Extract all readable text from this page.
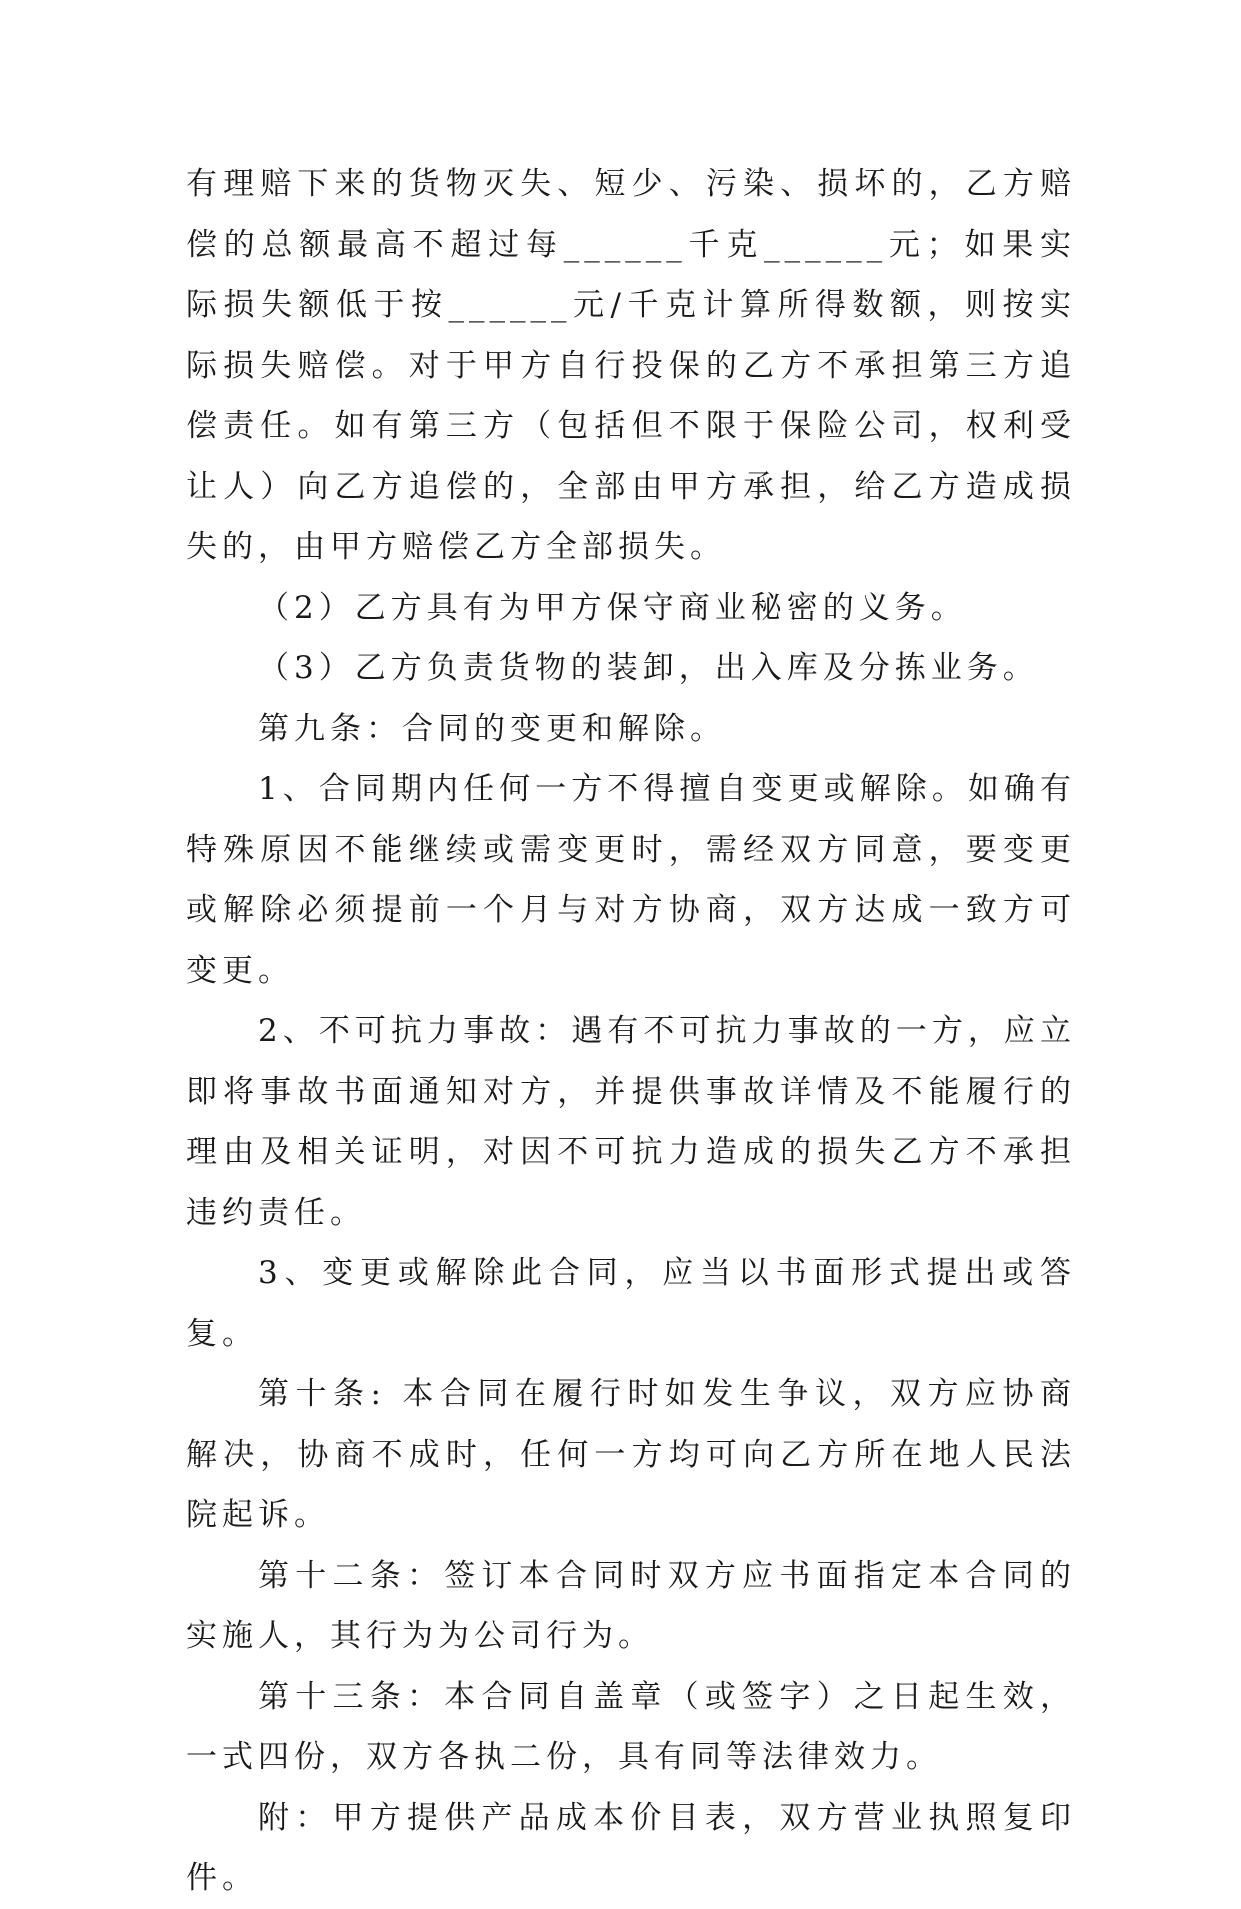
有理赔下来的货物灭失、短少、污染、损坏的，乙方赔偿的总额最高不超过每______千克______元；如果实际损失额低于按______元/千克计算所得数额，则按实际损失赔偿。对于甲方自行投保的乙方不承担第三方追偿责任。如有第三方（包括但不限于保险公司，权利受让人）向乙方追偿的，全部由甲方承担，给乙方造成损失的，由甲方赔偿乙方全部损失。

（2）乙方具有为甲方保守商业秘密的义务。

（3）乙方负责货物的装卸，出入库及分拣业务。

第九条：合同的变更和解除。

1、合同期内任何一方不得擅自变更或解除。如确有特殊原因不能继续或需变更时，需经双方同意，要变更或解除必须提前一个月与对方协商，双方达成一致方可变更。

2、不可抗力事故：遇有不可抗力事故的一方，应立即将事故书面通知对方，并提供事故详情及不能履行的理由及相关证明，对因不可抗力造成的损失乙方不承担违约责任。

3、变更或解除此合同，应当以书面形式提出或答复。

第十条: 本合同在履行时如发生争议，双方应协商解决，协商不成时，任何一方均可向乙方所在地人民法院起诉。

第十二条：签订本合同时双方应书面指定本合同的实施人，其行为为公司行为。

第十三条：本合同自盖章（或签字）之日起生效，一式四份，双方各执二份，具有同等法律效力。

附：甲方提供产品成本价目表，双方营业执照复印件。
